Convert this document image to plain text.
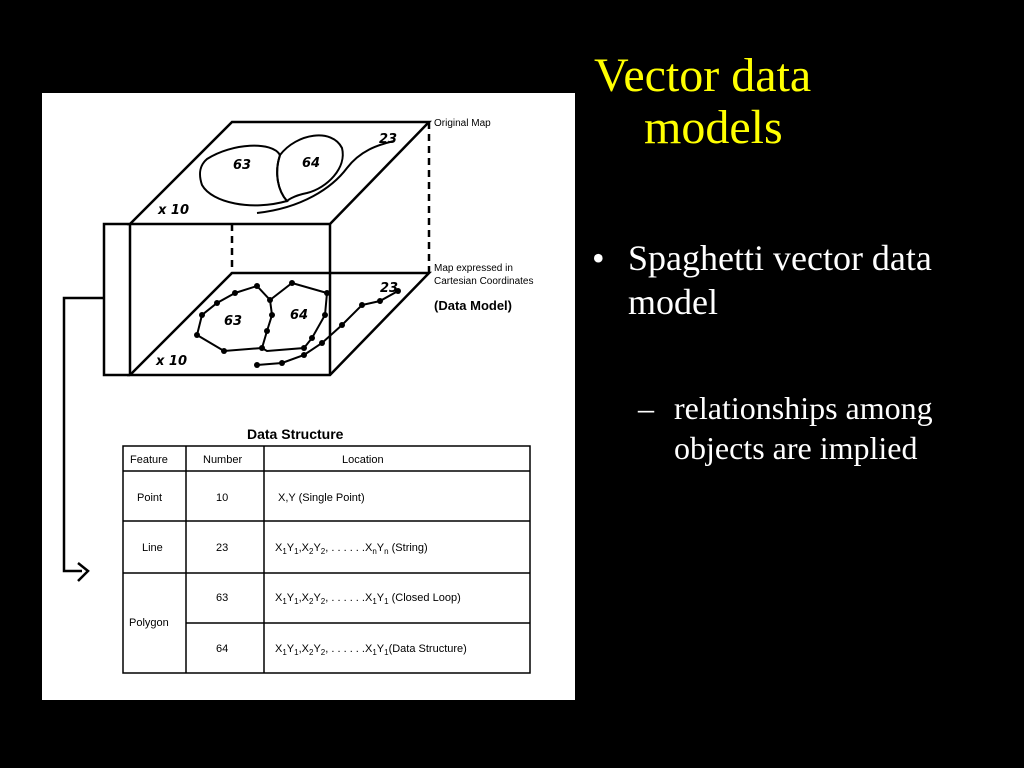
Vector data
models
• Spaghetti vector data model
– relationships among objects are implied
63	64
23
x 10
63	64
23
x 10
Original Map
Map expressed in
Cartesian Coordinates
(Data Model)
Data Structure
Feature	Number	Location
Point	10	X,Y (Single Point)
Line	23	$X_1Y_1,X_2Y_2$, . . . . . $.X_nY_n$ (String)
Polygon
63	$X_1Y_1,X_2Y_2$, . . . . . $.X_1Y_1$ (Closed Loop)
64	$X_1Y_1,X_2Y_2$, . . . . . $.X_1Y_1(Data$ Structure)
